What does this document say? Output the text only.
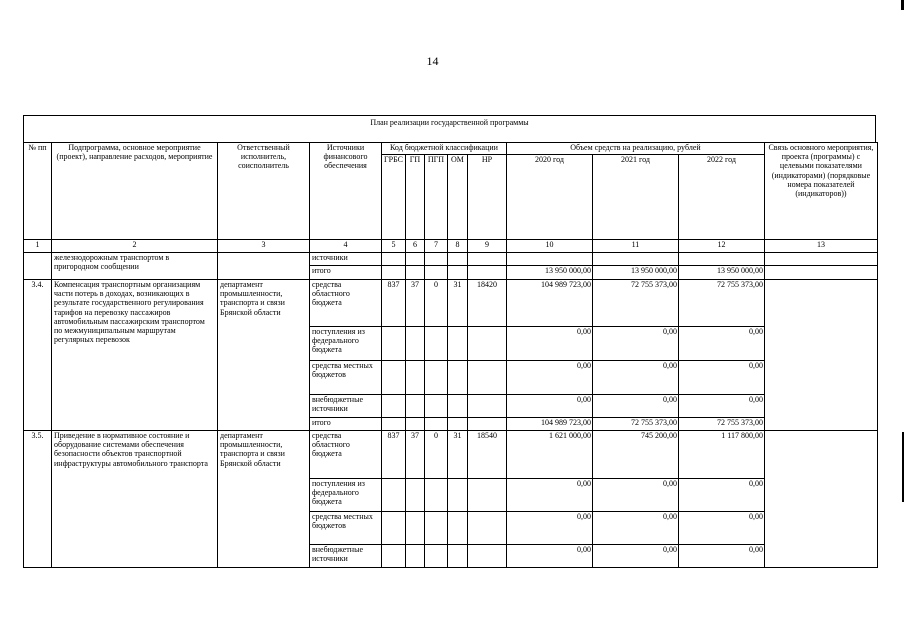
14
План реализации государственной программы
№ пп	Подпрограмма, основное мероприятие (проект), направление расходов, мероприятие	Ответственный исполнитель, соисполнитель	Источники финансового обеспечения	Код бюджетной классификации					Объем средств на реализацию, рублей			Связь основного мероприятия, проекта (программы) с целевыми показателями (индикаторами) (порядковые номера показателей (индикаторов))
				ГРБС	ГП	ПГП	ОМ	НР	2020 год	2021 год	2022 год	
1	2	3	4	5	6	7	8	9	10	11	12	13
	железнодорожным транспортом в пригородном сообщении		источники									
			итого						13 950 000,00	13 950 000,00	13 950 000,00	
3.4.	Компенсация транспортным организациям части потерь в доходах, возникающих в результате государственного регулирования тарифов на перевозку пассажиров автомобильным пассажирским транспортом по межмуниципальным маршрутам регулярных перевозок	департамент промышленности, транспорта и связи Брянской области	средства областного бюджета	837	37	0	31	18420	104 989 723,00	72 755 373,00	72 755 373,00	
			поступления из федерального бюджета						0,00	0,00	0,00	
			средства местных бюджетов						0,00	0,00	0,00	
			внебюджетные источники						0,00	0,00	0,00	
			итого						104 989 723,00	72 755 373,00	72 755 373,00	
3.5.	Приведение в нормативное состояние и оборудование системами обеспечения безопасности объектов транспортной инфраструктуры автомобильного транспорта	департамент промышленности, транспорта и связи Брянской области	средства областного бюджета	837	37	0	31	18540	1 621 000,00	745 200,00	1 117 800,00	
			поступления из федерального бюджета						0,00	0,00	0,00	
			средства местных бюджетов						0,00	0,00	0,00	
			внебюджетные источники						0,00	0,00	0,00	
